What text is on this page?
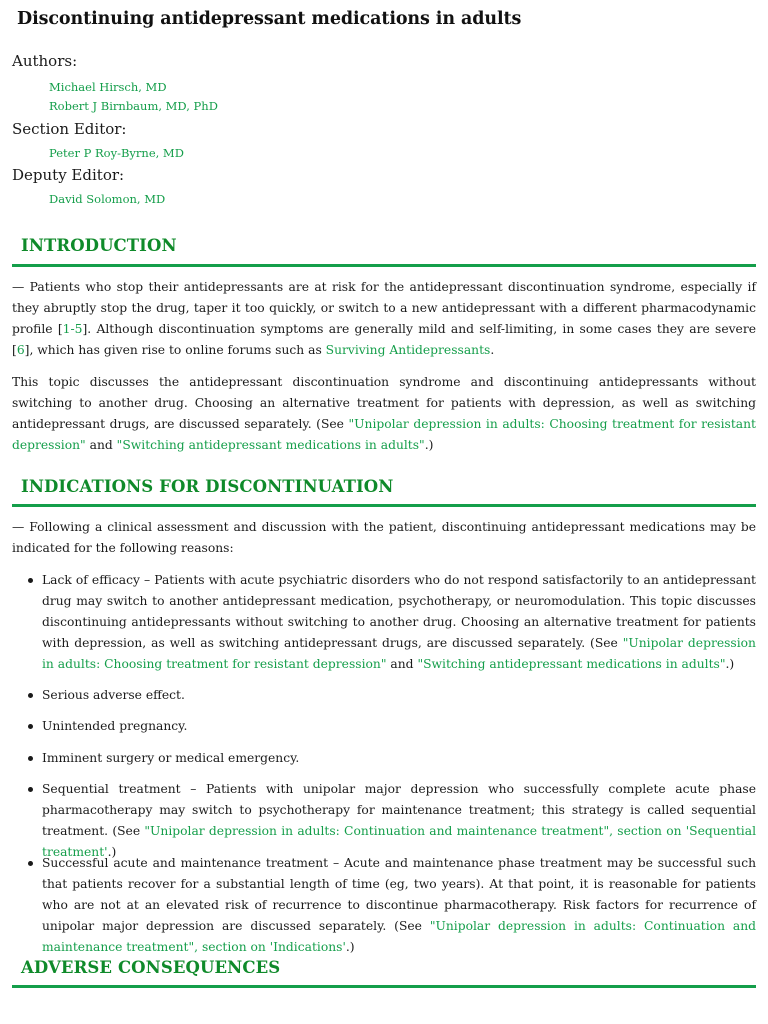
Discontinuing antidepressant medications in adults
Authors:
Michael Hirsch, MD
Robert J Birnbaum, MD, PhD
Section Editor:
Peter P Roy-Byrne, MD
Deputy Editor:
David Solomon, MD
INTRODUCTION

— Patients who stop their antidepressants are at risk for the antidepressant discontinuation syndrome, especially if they abruptly stop the drug, taper it too quickly, or switch to a new antidepressant with a different pharmacodynamic profile [1-5]. Although discontinuation symptoms are generally mild and self-limiting, in some cases they are severe [6], which has given rise to online forums such as Surviving Antidepressants.

This topic discusses the antidepressant discontinuation syndrome and discontinuing antidepressants without switching to another drug. Choosing an alternative treatment for patients with depression, as well as switching antidepressant drugs, are discussed separately. (See "Unipolar depression in adults: Choosing treatment for resistant depression" and "Switching antidepressant medications in adults".)

INDICATIONS FOR DISCONTINUATION

— Following a clinical assessment and discussion with the patient, discontinuing antidepressant medications may be indicated for the following reasons:

Lack of efficacy – Patients with acute psychiatric disorders who do not respond satisfactorily to an antidepressant drug may switch to another antidepressant medication, psychotherapy, or neuromodulation. This topic discusses discontinuing antidepressants without switching to another drug. Choosing an alternative treatment for patients with depression, as well as switching antidepressant drugs, are discussed separately. (See "Unipolar depression in adults: Choosing treatment for resistant depression" and "Switching antidepressant medications in adults".)
Serious adverse effect.
Unintended pregnancy.
Imminent surgery or medical emergency.
Sequential treatment – Patients with unipolar major depression who successfully complete acute phase pharmacotherapy may switch to psychotherapy for maintenance treatment; this strategy is called sequential treatment. (See "Unipolar depression in adults: Continuation and maintenance treatment", section on 'Sequential treatment'.)
Successful acute and maintenance treatment – Acute and maintenance phase treatment may be successful such that patients recover for a substantial length of time (eg, two years). At that point, it is reasonable for patients who are not at an elevated risk of recurrence to discontinue pharmacotherapy. Risk factors for recurrence of unipolar major depression are discussed separately. (See "Unipolar depression in adults: Continuation and maintenance treatment", section on 'Indications'.)
ADVERSE CONSEQUENCES
